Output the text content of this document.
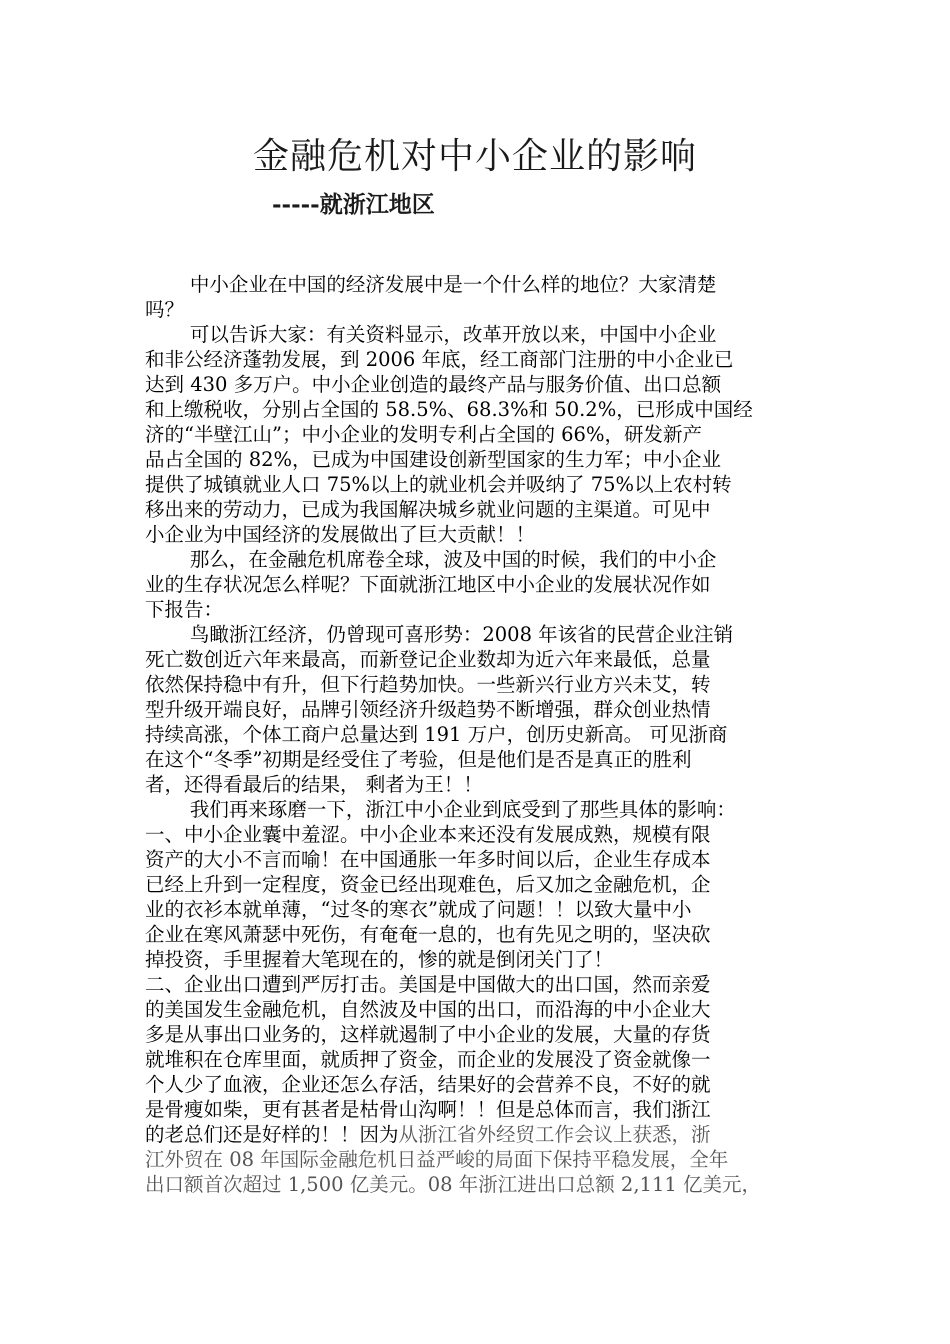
金融危机对中小企业的影响
-----就浙江地区

中小企业在中国的经济发展中是一个什么样的地位？大家清楚
吗？

可以告诉大家：有关资料显示，改革开放以来，中国中小企业
和非公经济蓬勃发展，到 2006 年底，经工商部门注册的中小企业已
达到 430 多万户。中小企业创造的最终产品与服务价值、出口总额
和上缴税收，分别占全国的 58.5%、68.3%和 50.2%，已形成中国经
济的“半壁江山”；中小企业的发明专利占全国的 66%，研发新产
品占全国的 82%，已成为中国建设创新型国家的生力军；中小企业
提供了城镇就业人口 75%以上的就业机会并吸纳了 75%以上农村转
移出来的劳动力，已成为我国解决城乡就业问题的主渠道。可见中
小企业为中国经济的发展做出了巨大贡献！！

那么，在金融危机席卷全球，波及中国的时候，我们的中小企
业的生存状况怎么样呢？下面就浙江地区中小企业的发展状况作如
下报告：

鸟瞰浙江经济，仍曾现可喜形势：2008 年该省的民营企业注销
死亡数创近六年来最高，而新登记企业数却为近六年来最低，总量
依然保持稳中有升，但下行趋势加快。一些新兴行业方兴未艾，转
型升级开端良好，品牌引领经济升级趋势不断增强，群众创业热情
持续高涨，个体工商户总量达到 191 万户，创历史新高。 可见浙商
在这个“冬季”初期是经受住了考验，但是他们是否是真正的胜利
者，还得看最后的结果， 剩者为王！！

我们再来琢磨一下，浙江中小企业到底受到了那些具体的影响：

一、中小企业囊中羞涩。中小企业本来还没有发展成熟，规模有限
资产的大小不言而喻！在中国通胀一年多时间以后，企业生存成本
已经上升到一定程度，资金已经出现难色，后又加之金融危机，企
业的衣衫本就单薄，“过冬的寒衣”就成了问题！！以致大量中小
企业在寒风萧瑟中死伤，有奄奄一息的，也有先见之明的，坚决砍
掉投资，手里握着大笔现在的，惨的就是倒闭关门了！

二、企业出口遭到严厉打击。美国是中国做大的出口国，然而亲爱
的美国发生金融危机，自然波及中国的出口，而沿海的中小企业大
多是从事出口业务的，这样就遏制了中小企业的发展，大量的存货
就堆积在仓库里面，就质押了资金，而企业的发展没了资金就像一
个人少了血液，企业还怎么存活，结果好的会营养不良，不好的就
是骨瘦如柴，更有甚者是枯骨山沟啊！！但是总体而言，我们浙江
的老总们还是好样的！！因为从浙江省外经贸工作会议上获悉，浙
江外贸在 08 年国际金融危机日益严峻的局面下保持平稳发展，全年
出口额首次超过 1,500 亿美元。08 年浙江进出口总额 2,111 亿美元，
